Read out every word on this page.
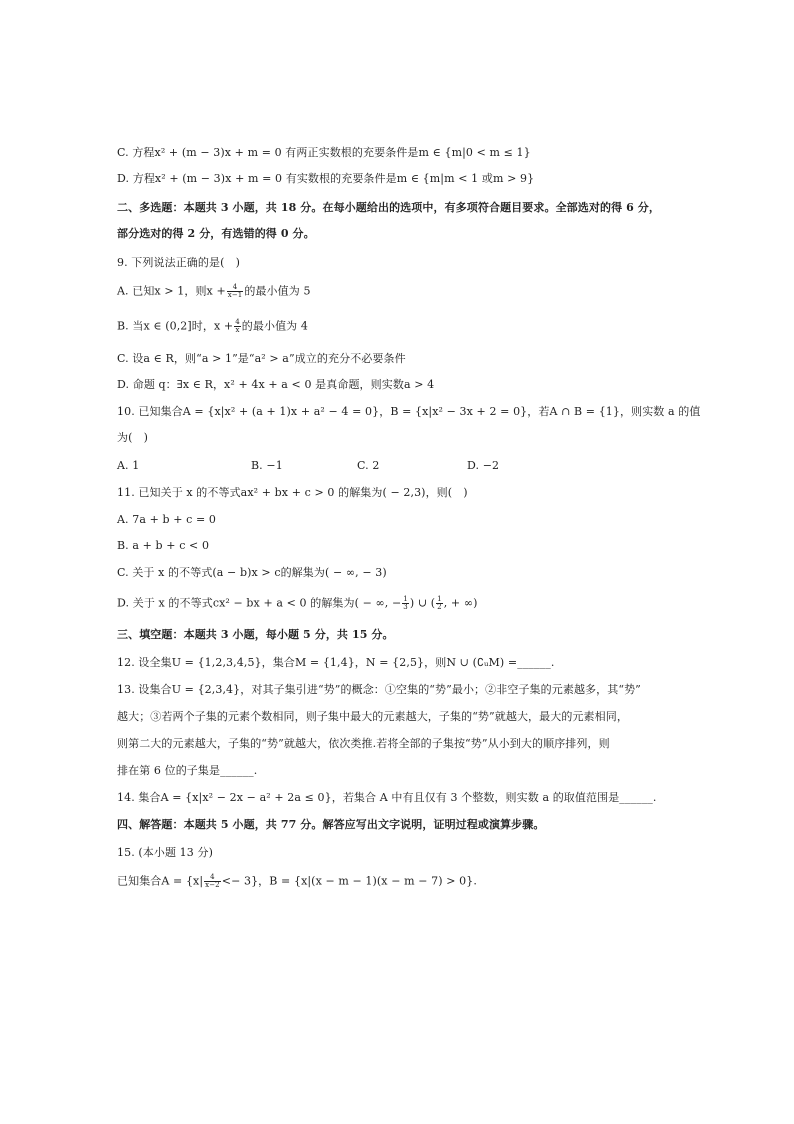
C. 方程x² + (m − 3)x + m = 0 有两正实数根的充要条件是m ∈ {m|0 < m ≤ 1}
D. 方程x² + (m − 3)x + m = 0 有实数根的充要条件是m ∈ {m|m < 1 或m > 9}
二、多选题：本题共 3 小题，共 18 分。在每小题给出的选项中，有多项符合题目要求。全部选对的得 6 分，
部分选对的得 2 分，有选错的得 0 分。
9. 下列说法正确的是(　)
A. 已知x > 1，则$x + \frac{4}{x-1}$ 的最小值为 5
B. 当x ∈ (0,2]时，$x + \frac{4}{x}$ 的最小值为 4
C. 设a ∈ R，则“a > 1”是“a² > a”成立的充分不必要条件
D. 命题 q：∃x ∈ R，x² + 4x + a < 0 是真命题，则实数a > 4
10. 已知集合A = {x|x² + (a + 1)x + a² − 4 = 0}，B = {x|x² − 3x + 2 = 0}，若A ∩ B = {1}，则实数 a 的值
为(　)
A. 1	B. −1	C. 2	D. −2
11. 已知关于 x 的不等式ax² + bx + c > 0 的解集为( − 2,3)，则(　)
A. 7a + b + c = 0
B. a + b + c < 0
C. 关于 x 的不等式(a − b)x > c的解集为( − ∞, − 3)
D. 关于 x 的不等式cx² − bx + a < 0 的解集为( − ∞, − $\frac{1}{3}$ ) ∪ ( $\frac{1}{2}$ , + ∞)
三、填空题：本题共 3 小题，每小题 5 分，共 15 分。
12. 设全集U = {1,2,3,4,5}，集合M = {1,4}，N = {2,5}，则N ∪ (∁ᵤM) =______.
13. 设集合U = {2,3,4}，对其子集引进“势”的概念：①空集的“势”最小；②非空子集的元素越多，其“势”
越大；③若两个子集的元素个数相同，则子集中最大的元素越大，子集的“势”就越大，最大的元素相同，
则第二大的元素越大，子集的“势”就越大，依次类推.若将全部的子集按“势”从小到大的顺序排列，则
排在第 6 位的子集是______.
14. 集合A = {x|x² − 2x − a² + 2a ≤ 0}，若集合 A 中有且仅有 3 个整数，则实数 a 的取值范围是______.
四、解答题：本题共 5 小题，共 77 分。解答应写出文字说明，证明过程或演算步骤。
15. (本小题 13 分)
已知集合$A = \{x| \frac{4}{x-2} <- 3\}$，B = {x|(x − m − 1)(x − m − 7) > 0}.
